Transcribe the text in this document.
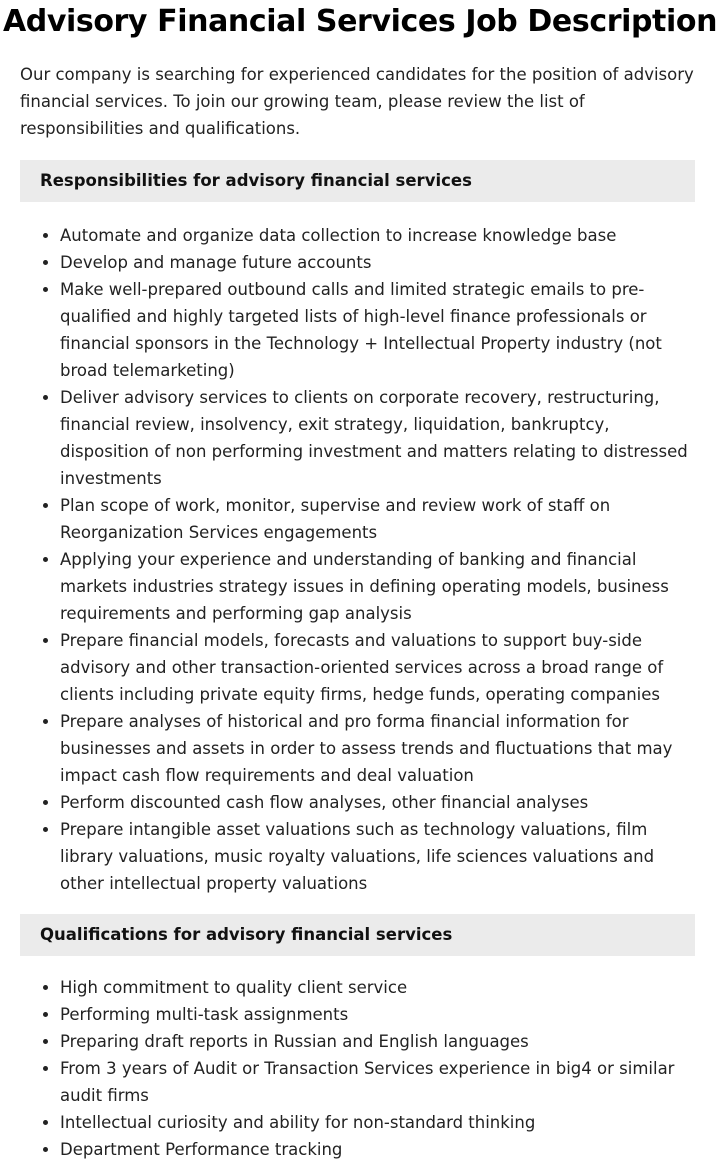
Advisory Financial Services Job Description

Our company is searching for experienced candidates for the position of advisory financial services. To join our growing team, please review the list of responsibilities and qualifications.

Responsibilities for advisory financial services
• Automate and organize data collection to increase knowledge base
• Develop and manage future accounts
• Make well-prepared outbound calls and limited strategic emails to pre-qualified and highly targeted lists of high-level finance professionals or financial sponsors in the Technology + Intellectual Property industry (not broad telemarketing)
• Deliver advisory services to clients on corporate recovery, restructuring, financial review, insolvency, exit strategy, liquidation, bankruptcy, disposition of non performing investment and matters relating to distressed investments
• Plan scope of work, monitor, supervise and review work of staff on Reorganization Services engagements
• Applying your experience and understanding of banking and financial markets industries strategy issues in defining operating models, business requirements and performing gap analysis
• Prepare financial models, forecasts and valuations to support buy-side advisory and other transaction-oriented services across a broad range of clients including private equity firms, hedge funds, operating companies
• Prepare analyses of historical and pro forma financial information for businesses and assets in order to assess trends and fluctuations that may impact cash flow requirements and deal valuation
• Perform discounted cash flow analyses, other financial analyses
• Prepare intangible asset valuations such as technology valuations, film library valuations, music royalty valuations, life sciences valuations and other intellectual property valuations
Qualifications for advisory financial services
• High commitment to quality client service
• Performing multi-task assignments
• Preparing draft reports in Russian and English languages
• From 3 years of Audit or Transaction Services experience in big4 or similar audit firms
• Intellectual curiosity and ability for non-standard thinking
• Department Performance tracking
